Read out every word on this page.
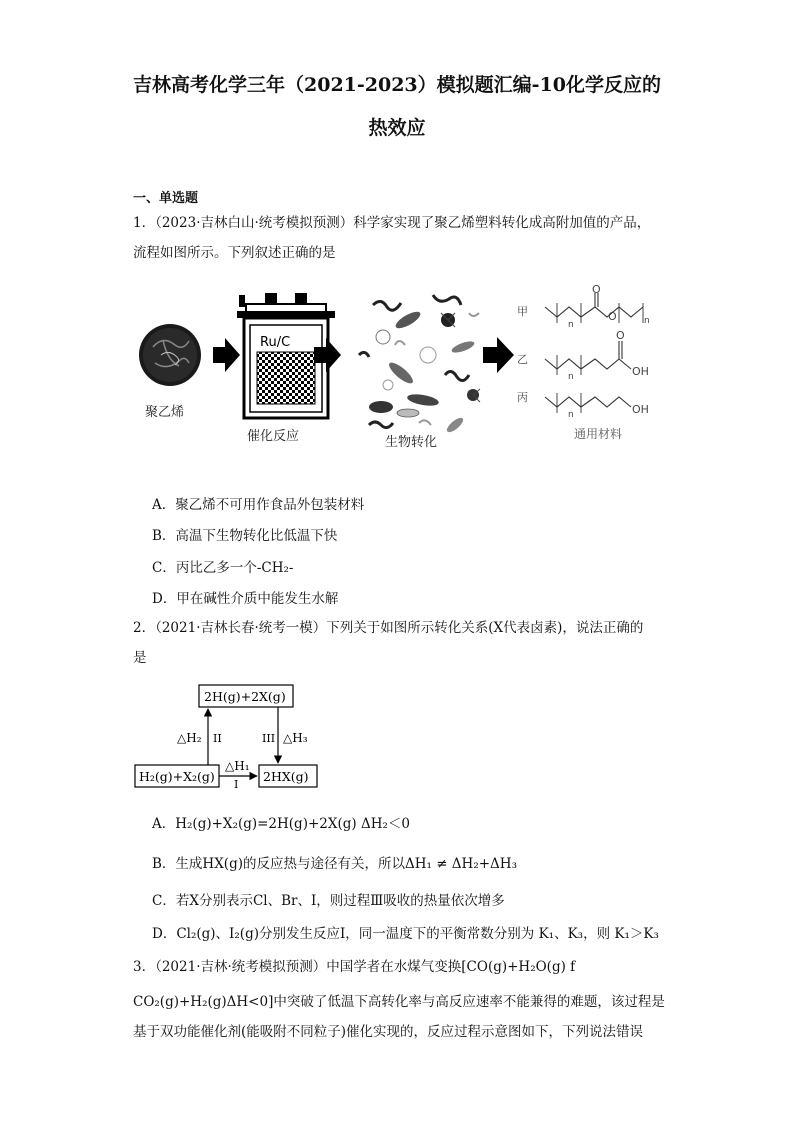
吉林高考化学三年（2021-2023）模拟题汇编-10化学反应的
热效应
一、单选题
1．（2023·吉林白山·统考模拟预测）科学家实现了聚乙烯塑料转化成高附加值的产品，
流程如图所示。下列叙述正确的是
聚乙烯
Ru/C
催化反应	生物转化
甲
乙
丙
n	n
n
n
O
O
O
OH
OH
通用材料
A．聚乙烯不可用作食品外包装材料
B．高温下生物转化比低温下快
C．丙比乙多一个-CH₂-
D．甲在碱性介质中能发生水解
2．（2021·吉林长春·统考一模）下列关于如图所示转化关系(X代表卤素)，说法正确的
是
2H(g)+2X(g)
H₂(g)+X₂(g)	2HX(g)
△H₂ II	III △H₃
△H₁
I
A．H₂(g)+X₂(g)=2H(g)+2X(g) ΔH₂＜0
B．生成HX(g)的反应热与途径有关，所以ΔH₁ ≠ ΔH₂+ΔH₃
C．若X分别表示Cl、Br、I，则过程Ⅲ吸收的热量依次增多
D．Cl₂(g)、I₂(g)分别发生反应I，同一温度下的平衡常数分别为 K₁、K₃，则 K₁＞K₃
3．（2021·吉林·统考模拟预测）中国学者在水煤气变换[CO(g)+H₂O(g) f
CO₂(g)+H₂(g)ΔH<0]中突破了低温下高转化率与高反应速率不能兼得的难题，该过程是
基于双功能催化剂(能吸附不同粒子)催化实现的，反应过程示意图如下，下列说法错误
